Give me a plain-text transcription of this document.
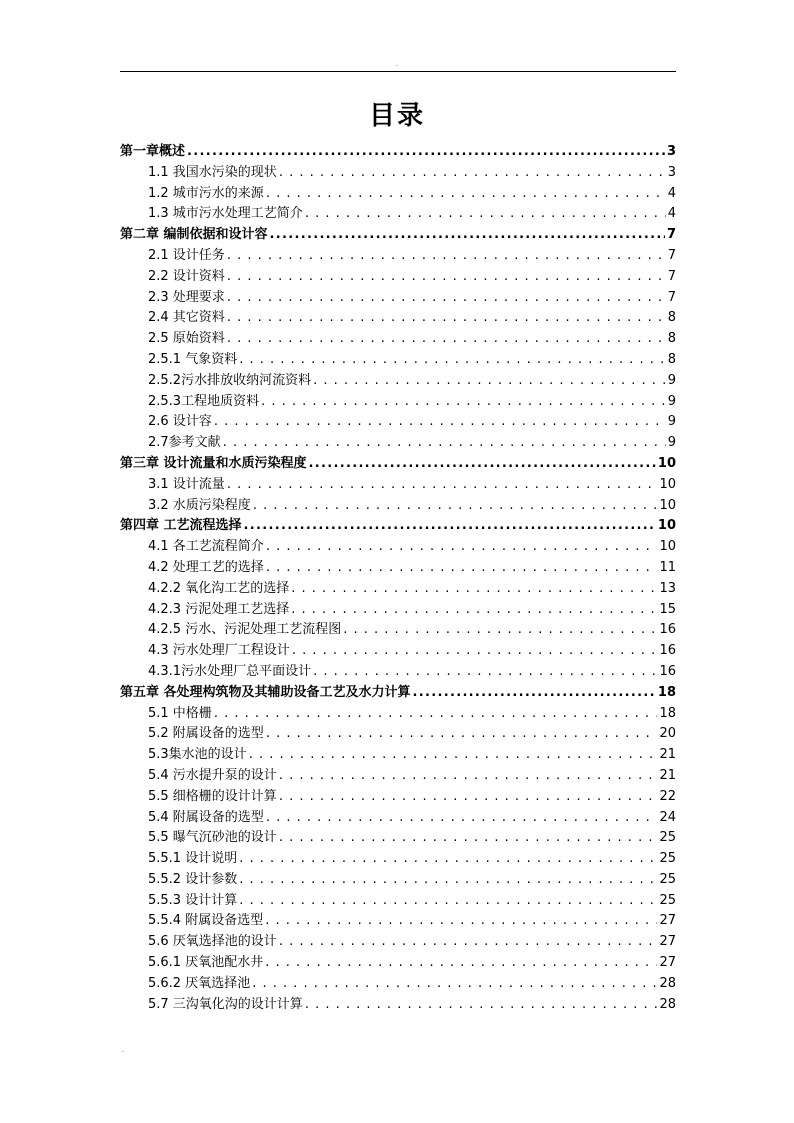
.
目录
第一章概述 .....	3
1.1 我国水污染的现状 . . .	3
1.2 城市污水的来源 . . .	4
1.3 城市污水处理工艺简介 . . .	4
第二章 编制依据和设计容 .....	7
2.1 设计任务 . . .	7
2.2 设计资料 . . .	7
2.3 处理要求 . . .	7
2.4 其它资料 . . .	8
2.5 原始资料 . . .	8
2.5.1 气象资料 . . .	8
2.5.2污水排放收纳河流资料 . . .	9
2.5.3工程地质资料 . . .	9
2.6 设计容 . . .	9
2.7参考文献 . . .	9
第三章 设计流量和水质污染程度 .....	10
3.1 设计流量 . . .	10
3.2 水质污染程度 . . .	10
第四章 工艺流程选择 .....	10
4.1 各工艺流程简介 . . .	10
4.2 处理工艺的选择 . . .	11
4.2.2 氧化沟工艺的选择 . . .	13
4.2.3 污泥处理工艺选择 . . .	15
4.2.5 污水、污泥处理工艺流程图 . . .	16
4.3 污水处理厂工程设计 . . .	16
4.3.1污水处理厂总平面设计 . . .	16
第五章 各处理构筑物及其辅助设备工艺及水力计算 .....	18
5.1 中格栅 . . .	18
5.2 附属设备的选型 . . .	20
5.3集水池的设计 . . .	21
5.4 污水提升泵的设计 . . .	21
5.5 细格栅的设计计算 . . .	22
5.4 附属设备的选型 . . .	24
5.5 曝气沉砂池的设计 . . .	25
5.5.1 设计说明 . . .	25
5.5.2 设计参数 . . .	25
5.5.3 设计计算 . . .	25
5.5.4 附属设备选型 . . .	27
5.6 厌氧选择池的设计 . . .	27
5.6.1 厌氧池配水井 . . .	27
5.6.2 厌氧选择池 . . .	28
5.7 三沟氧化沟的设计计算 . . .	28
.
